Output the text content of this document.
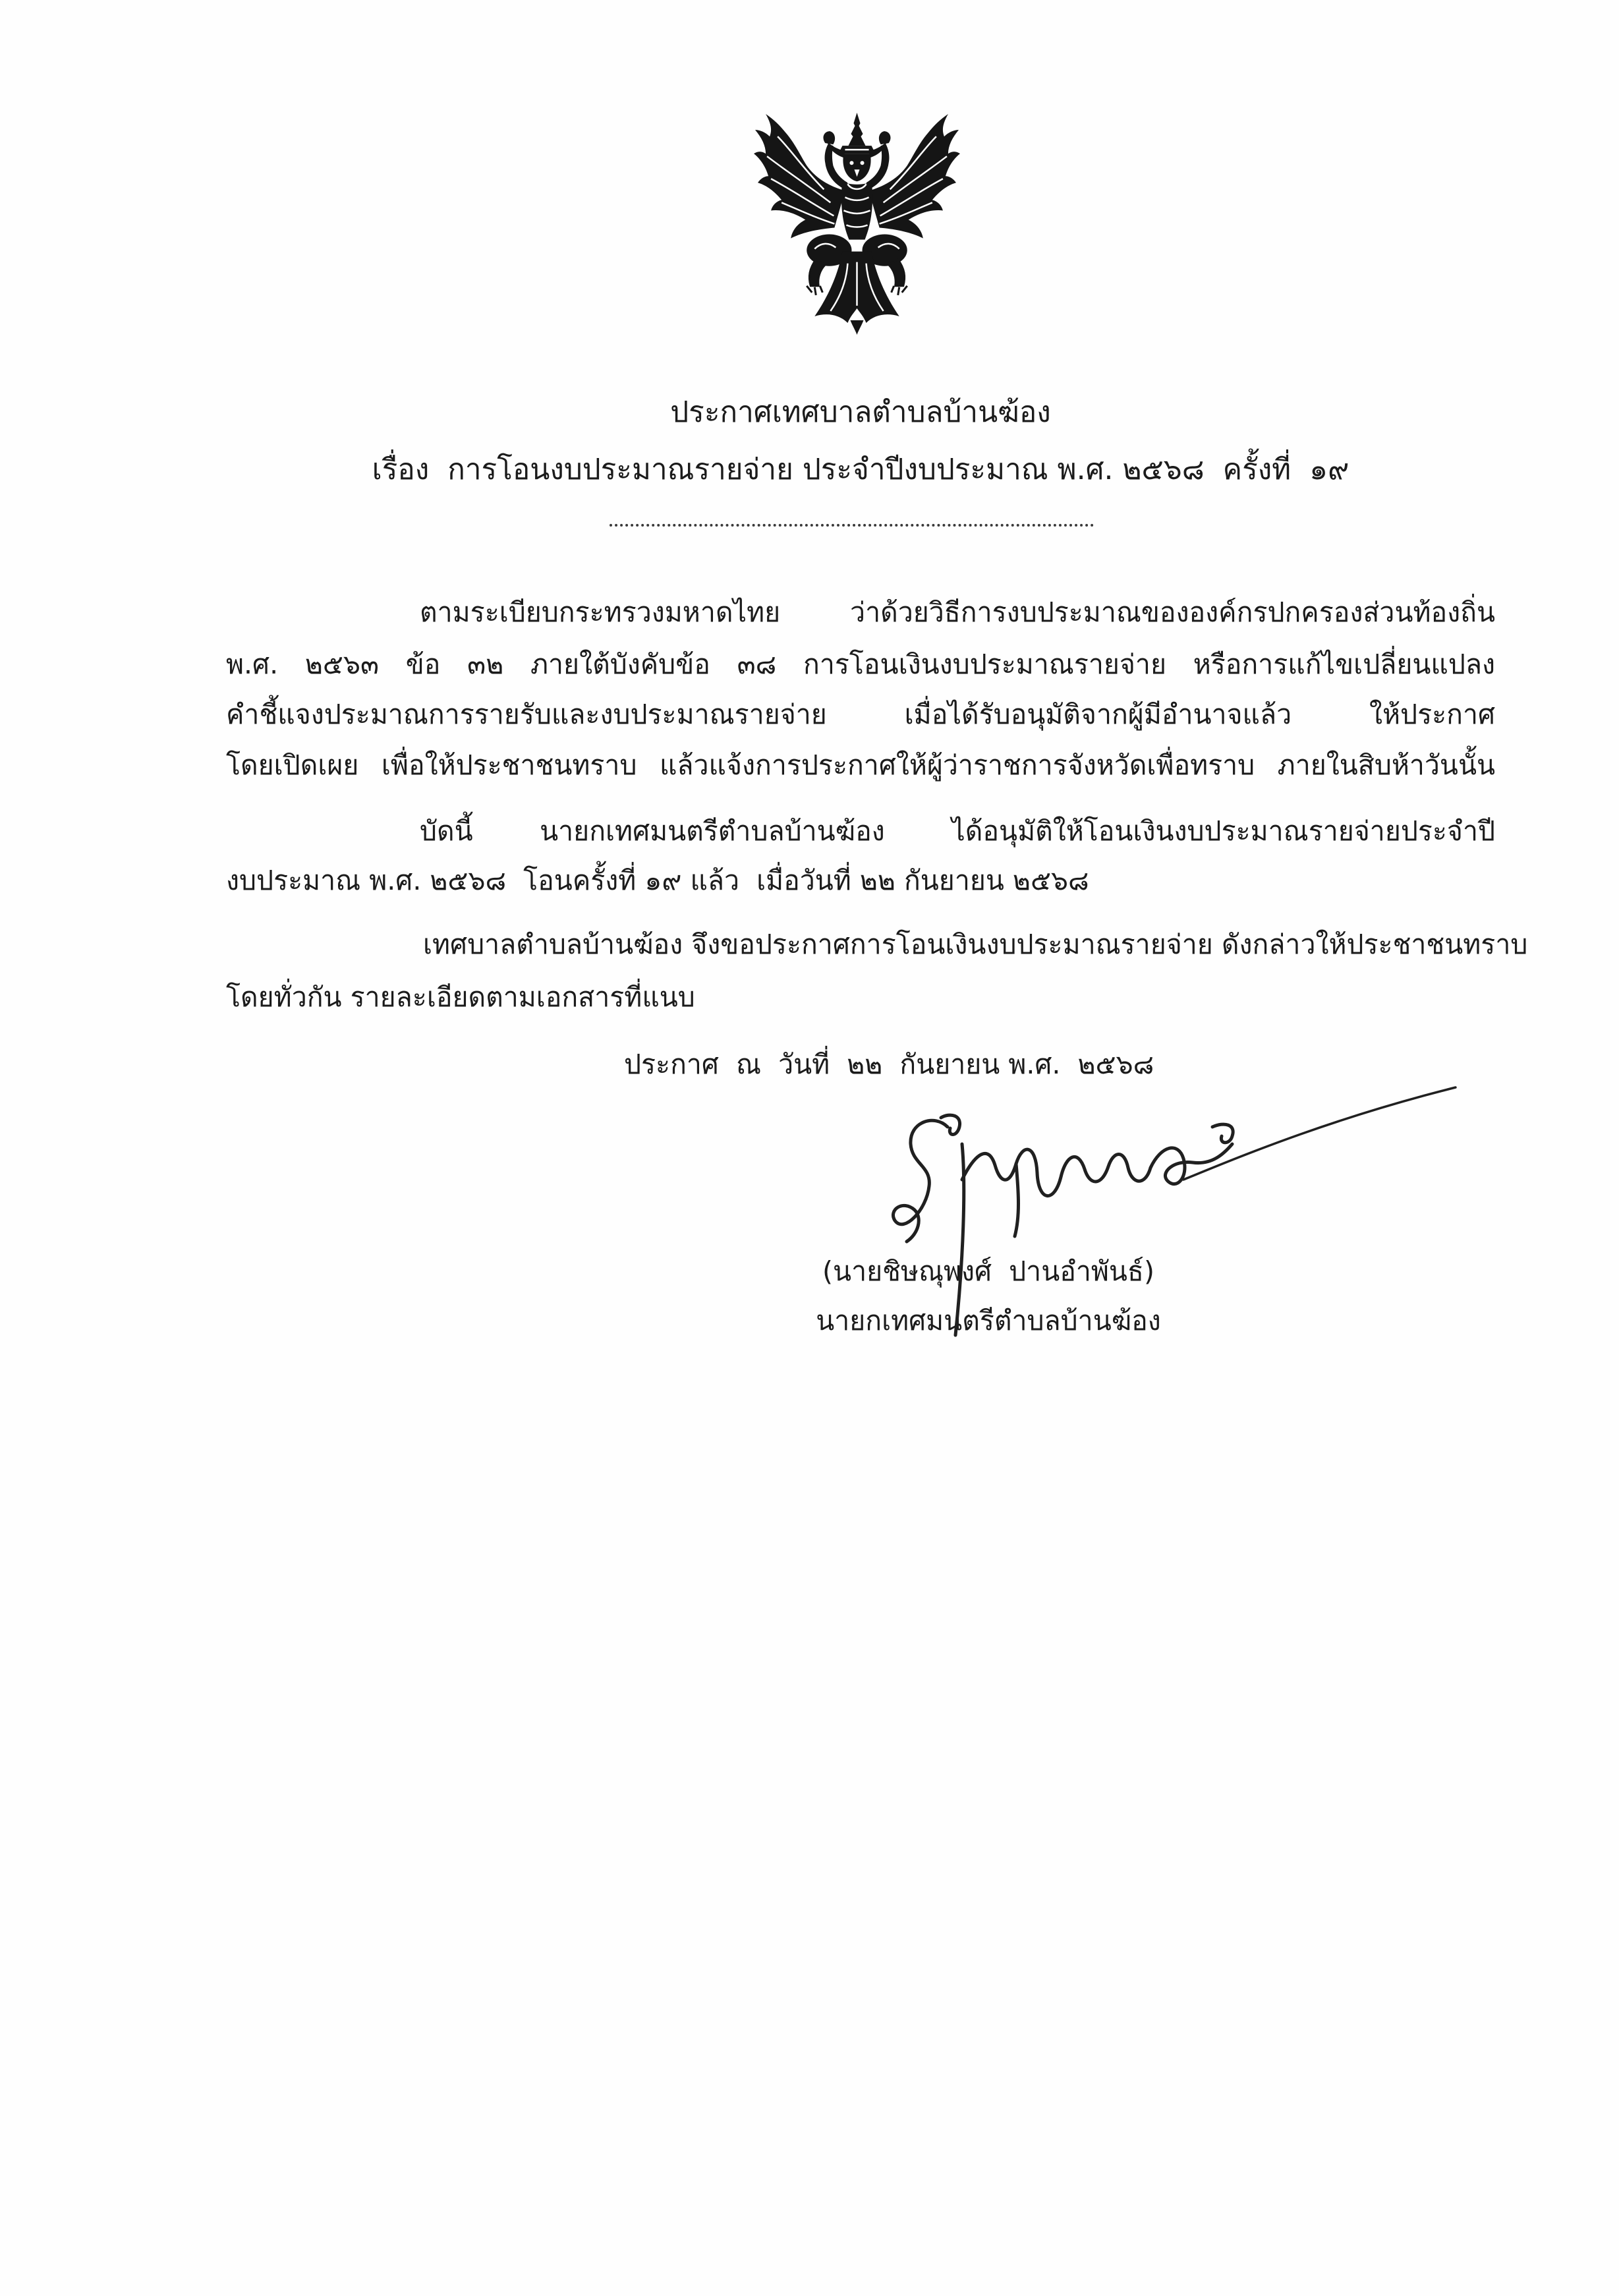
ประกาศเทศบาลตำบลบ้านฆ้อง
เรื่อง  การโอนงบประมาณรายจ่าย ประจำปีงบประมาณ พ.ศ. ๒๕๖๘  ครั้งที่  ๑๙
ตามระเบียบกระทรวงมหาดไทย ว่าด้วยวิธีการงบประมาณขององค์กรปกครองส่วนท้องถิ่น
พ.ศ. ๒๕๖๓ ข้อ ๓๒ ภายใต้บังคับข้อ ๓๘ การโอนเงินงบประมาณรายจ่าย หรือการแก้ไขเปลี่ยนแปลง
คำชี้แจงประมาณการรายรับและงบประมาณรายจ่าย เมื่อได้รับอนุมัติจากผู้มีอำนาจแล้ว ให้ประกาศ
โดยเปิดเผย เพื่อให้ประชาชนทราบ แล้วแจ้งการประกาศให้ผู้ว่าราชการจังหวัดเพื่อทราบ ภายในสิบห้าวันนั้น
บัดนี้ นายกเทศมนตรีตำบลบ้านฆ้อง ได้อนุมัติให้โอนเงินงบประมาณรายจ่ายประจำปี
งบประมาณ พ.ศ. ๒๕๖๘  โอนครั้งที่ ๑๙ แล้ว  เมื่อวันที่ ๒๒ กันยายน ๒๕๖๘
เทศบาลตำบลบ้านฆ้อง จึงขอประกาศการโอนเงินงบประมาณรายจ่าย ดังกล่าวให้ประชาชนทราบ
โดยทั่วกัน รายละเอียดตามเอกสารที่แนบ
ประกาศ  ณ  วันที่  ๒๒  กันยายน พ.ศ.  ๒๕๖๘
(นายชิษณุพงศ์  ปานอำพันธ์)
นายกเทศมนตรีตำบลบ้านฆ้อง
